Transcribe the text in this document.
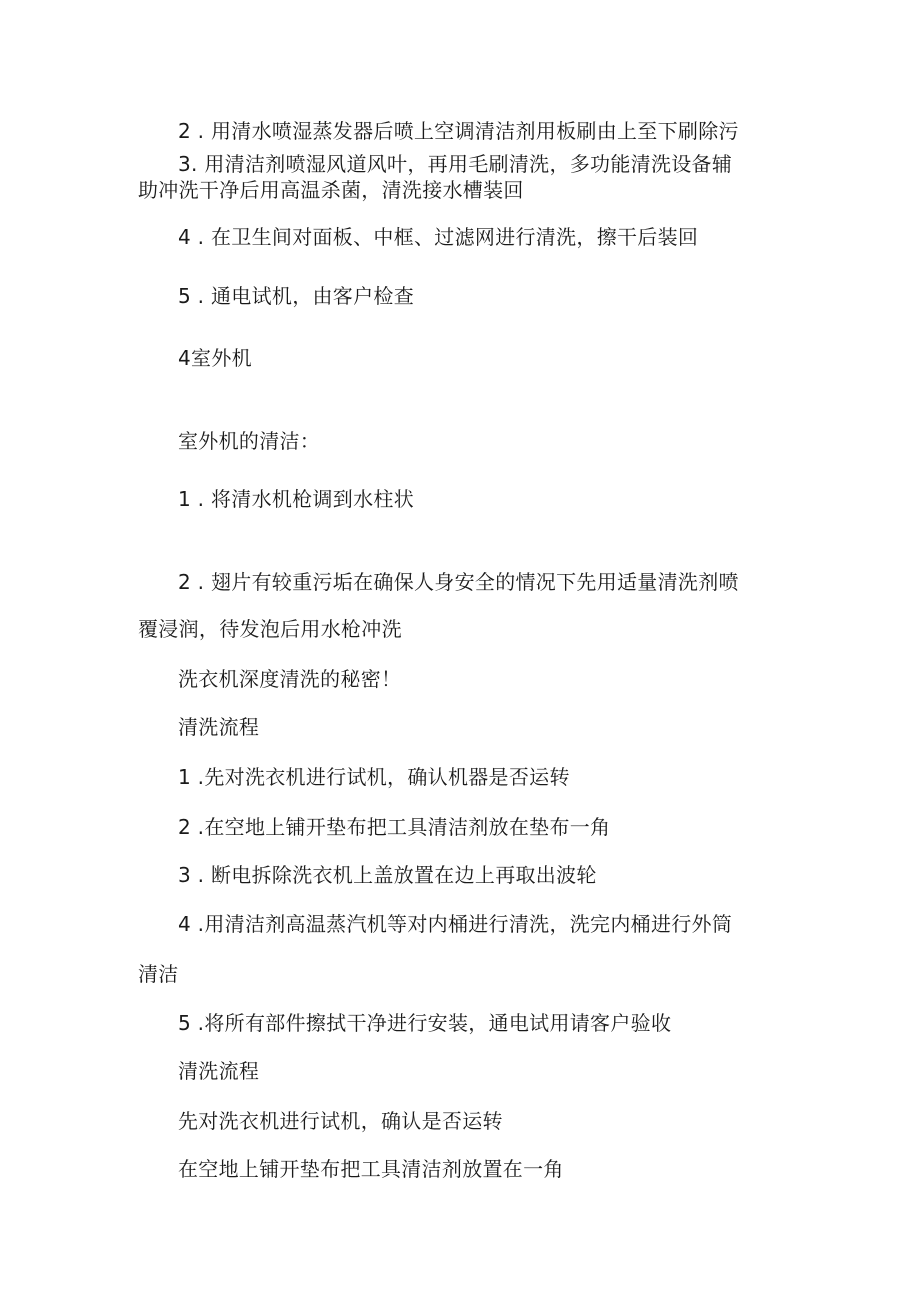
2 . 用清水喷湿蒸发器后喷上空调清洁剂用板刷由上至下刷除污
3. 用清洁剂喷湿风道风叶，再用毛刷清洗，多功能清洗设备辅
助冲洗干净后用高温杀菌，清洗接水槽装回
4 . 在卫生间对面板、中框、过滤网进行清洗，擦干后装回
5 . 通电试机，由客户检查
4室外机
室外机的清洁：
1 . 将清水机枪调到水柱状
2 . 翅片有较重污垢在确保人身安全的情况下先用适量清洗剂喷
覆浸润，待发泡后用水枪冲洗
洗衣机深度清洗的秘密！
清洗流程
1 .先对洗衣机进行试机，确认机器是否运转
2 .在空地上铺开垫布把工具清洁剂放在垫布一角
3 . 断电拆除洗衣机上盖放置在边上再取出波轮
4 .用清洁剂高温蒸汽机等对内桶进行清洗，洗完内桶进行外筒
清洁
5 .将所有部件擦拭干净进行安装，通电试用请客户验收
清洗流程
先对洗衣机进行试机，确认是否运转
在空地上铺开垫布把工具清洁剂放置在一角
